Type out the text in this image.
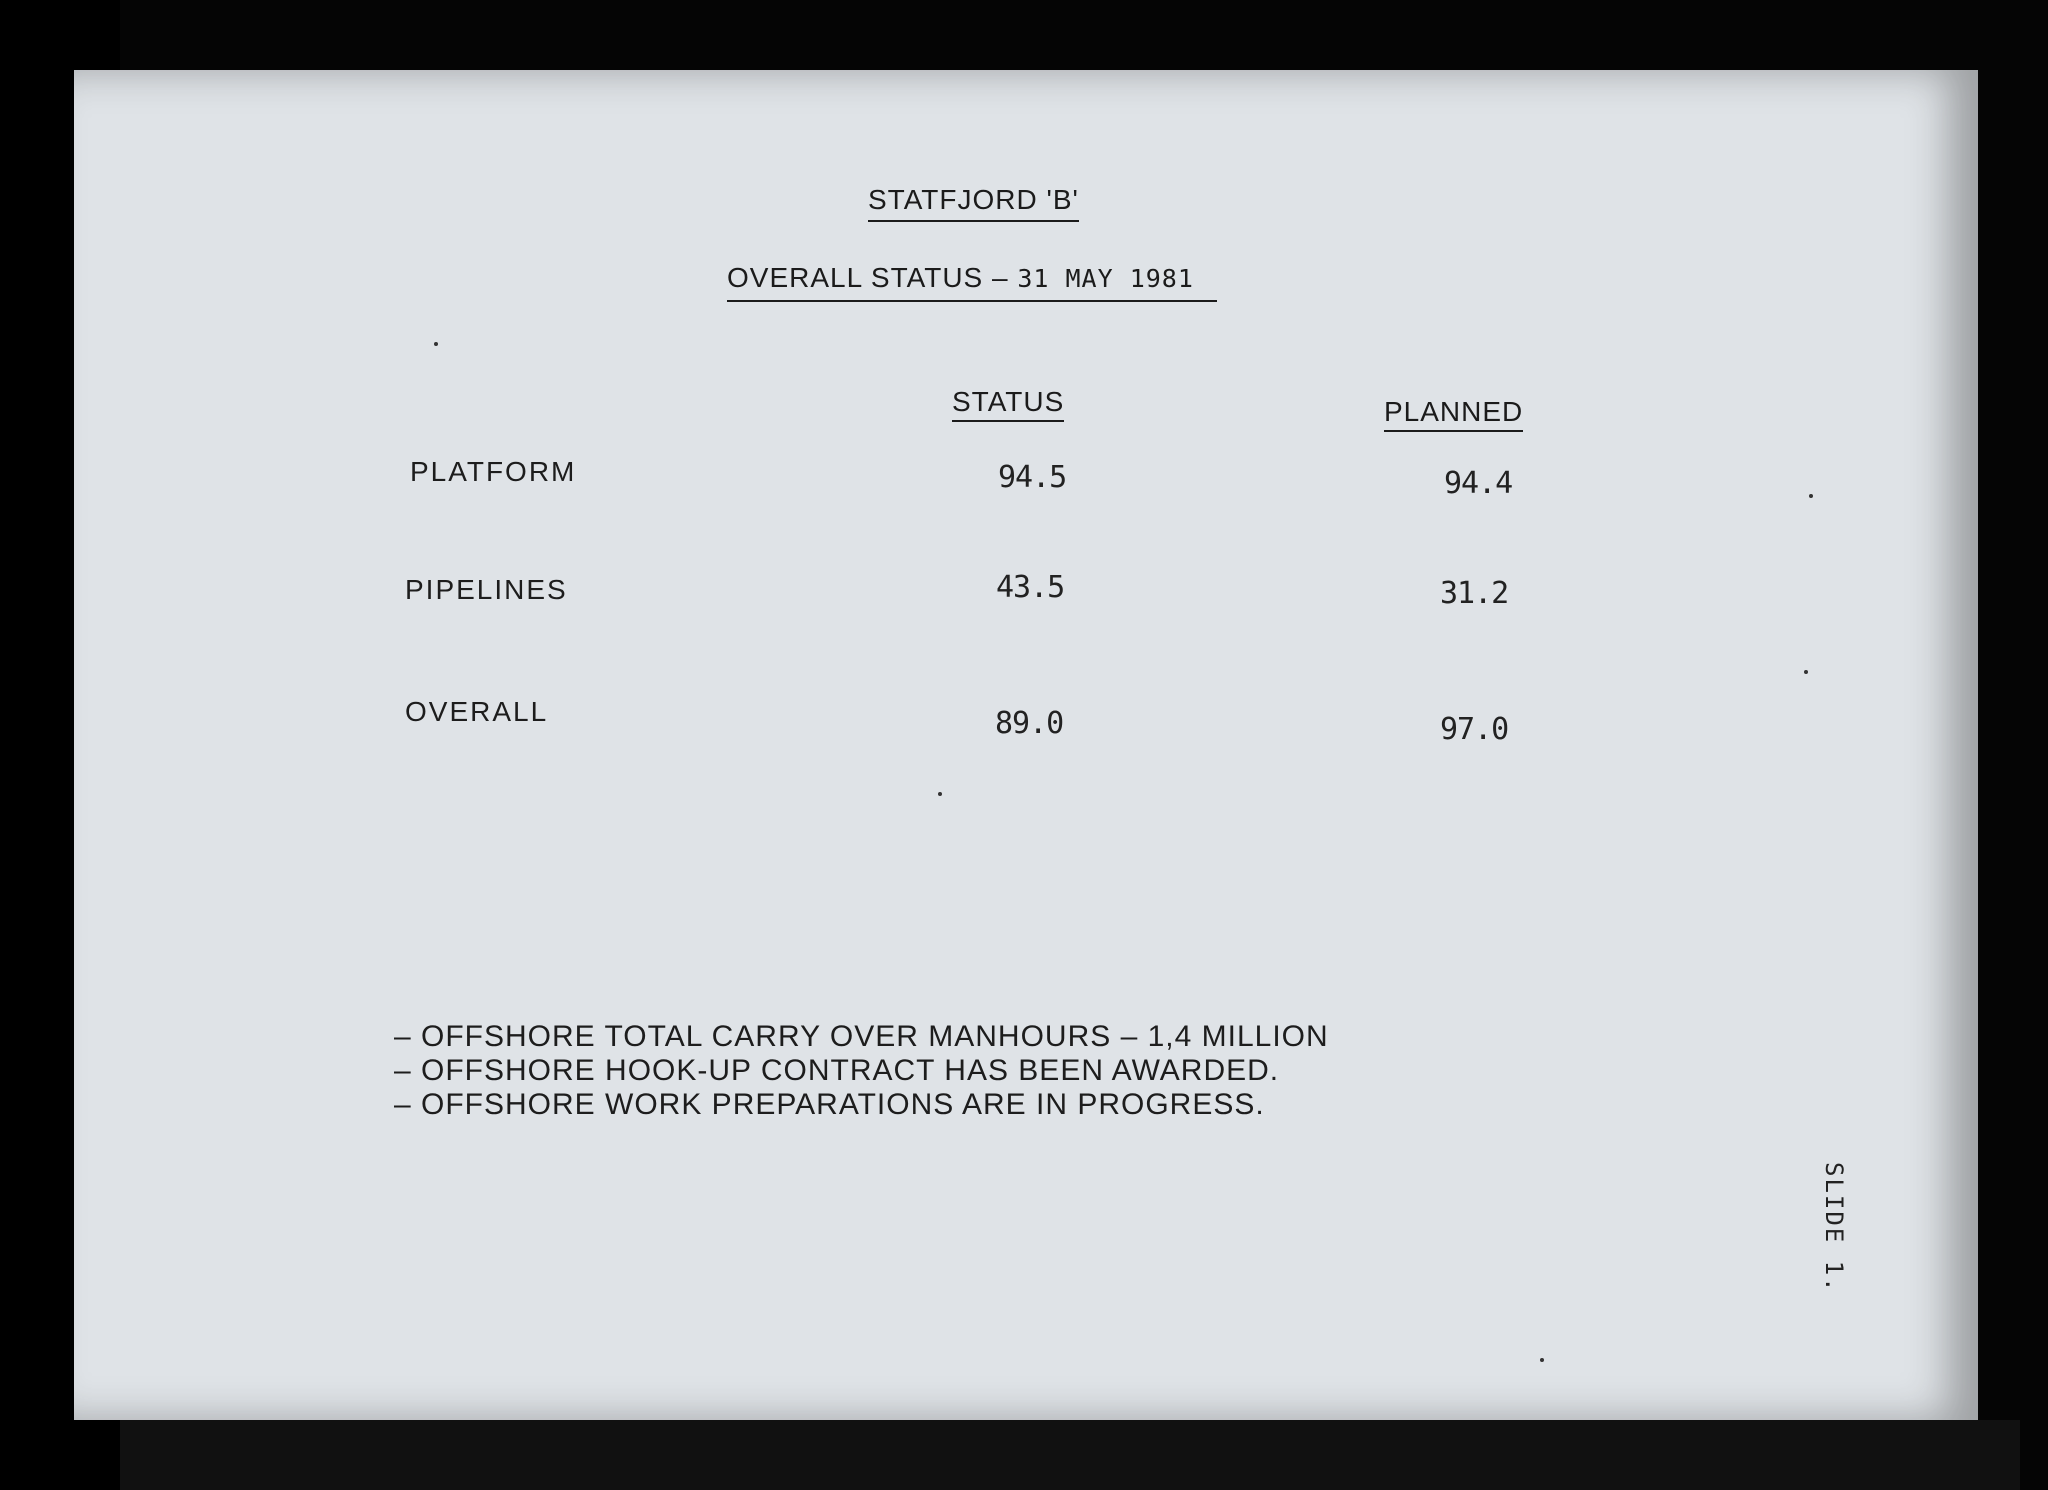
STATFJORD 'B'
OVERALL STATUS – 31 MAY 1981
STATUS	PLANNED
PLATFORM	94.5	94.4
PIPELINES	43.5	31.2
OVERALL	89.0	97.0
– OFFSHORE TOTAL CARRY OVER MANHOURS – 1,4 MILLION
– OFFSHORE HOOK-UP CONTRACT HAS BEEN AWARDED.
– OFFSHORE WORK PREPARATIONS ARE IN PROGRESS.
SLIDE 1.
